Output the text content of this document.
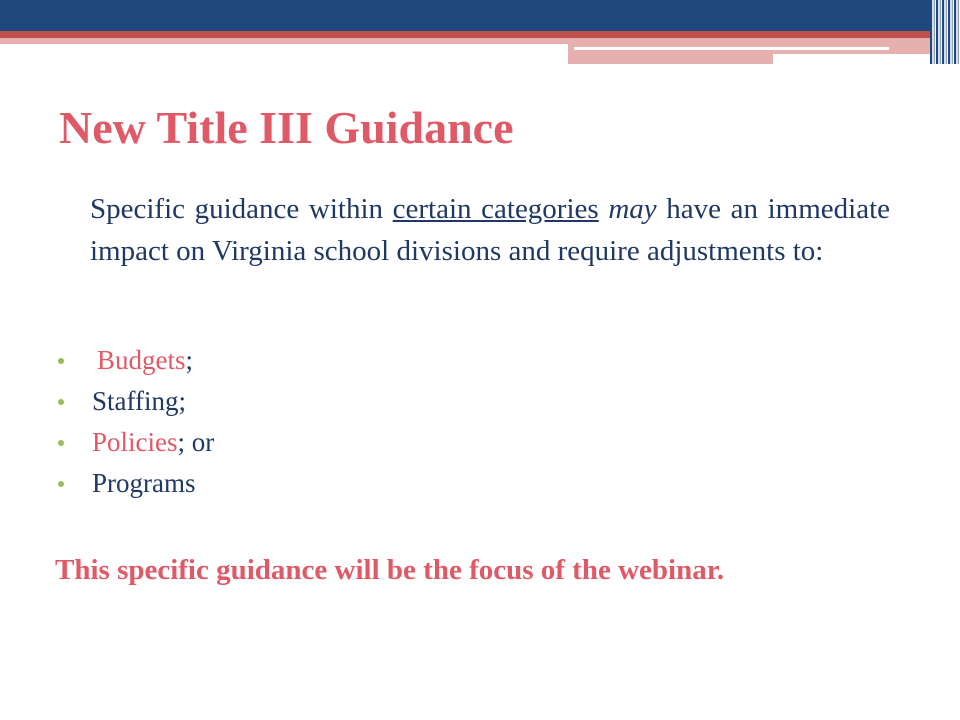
New Title III Guidance

Specific guidance within certain categories may have an immediate impact on Virginia school divisions and require adjustments to:

Budgets ;
Staffing ;
Policies ; or
Programs

This specific guidance will be the focus of the webinar.
